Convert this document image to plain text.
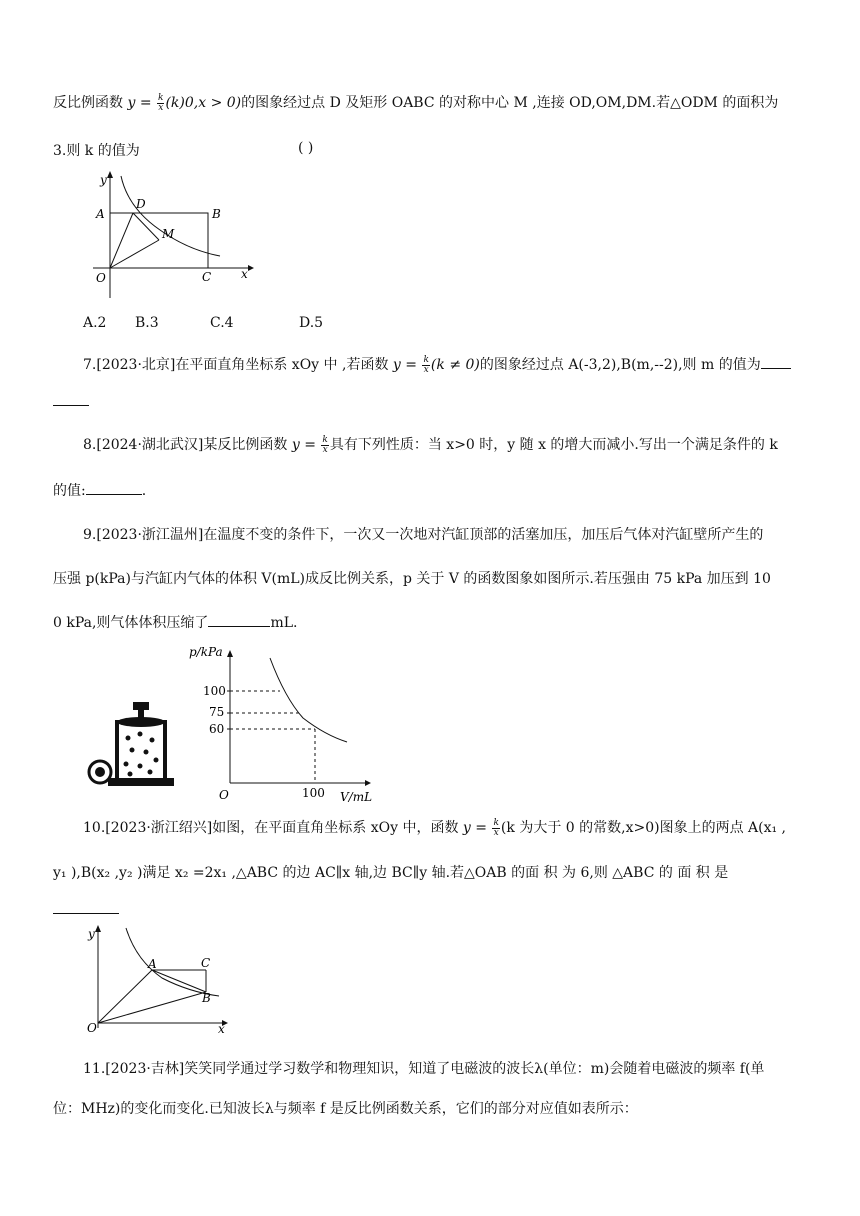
反比例函数 $y = \frac{k}{x} (k)0,x > 0$)的图象经过点 D 及矩形 OABC 的对称中心 M ,连接 OD,OM,DM.若△ODM 的面积为
3.则 k 的值为	( )
y
x
O
A	B
C
D
M
A.2 B.3	C.4	D.5
7.[2023·北京]在平面直角坐标系 xOy 中 ,若函数 $y = \frac{k}{x} (k \ne 0)$的图象经过点 A(-3,2),B(m,--2),则 m 的值为
8.[2024·湖北武汉]某反比例函数 $y = \frac{k}{x}$ 具有下列性质：当 x>0 时，y 随 x 的增大而减小.写出一个满足条件的 k
的值:	.
9.[2023·浙江温州]在温度不变的条件下，一次又一次地对汽缸顶部的活塞加压，加压后气体对汽缸壁所产生的
压强 p(kPa)与汽缸内气体的体积 V(mL)成反比例关系，p 关于 V 的函数图象如图所示.若压强由 75 kPa 加压到 10
0 kPa,则气体体积压缩了	mL.
p/kPa
V/mL
O
100
75
60
100
10.[2023·浙江绍兴]如图，在平面直角坐标系 xOy 中，函数 $y = \frac{k}{x} (k$ 为大于 0 的常数,x>0)图象上的两点 A(x₁ ,
y₁ ),B(x₂ ,y₂ )满足 x₂ =2x₁ ,△ABC 的边 AC∥x 轴,边 BC∥y 轴.若△OAB 的面 积 为 6,则 △ABC 的 面 积 是
y
x
O
A	C
B
11.[2023·吉林]笑笑同学通过学习数学和物理知识，知道了电磁波的波长λ(单位：m)会随着电磁波的频率 f(单
位：MHz)的变化而变化.已知波长λ与频率 f 是反比例函数关系，它们的部分对应值如表所示：
